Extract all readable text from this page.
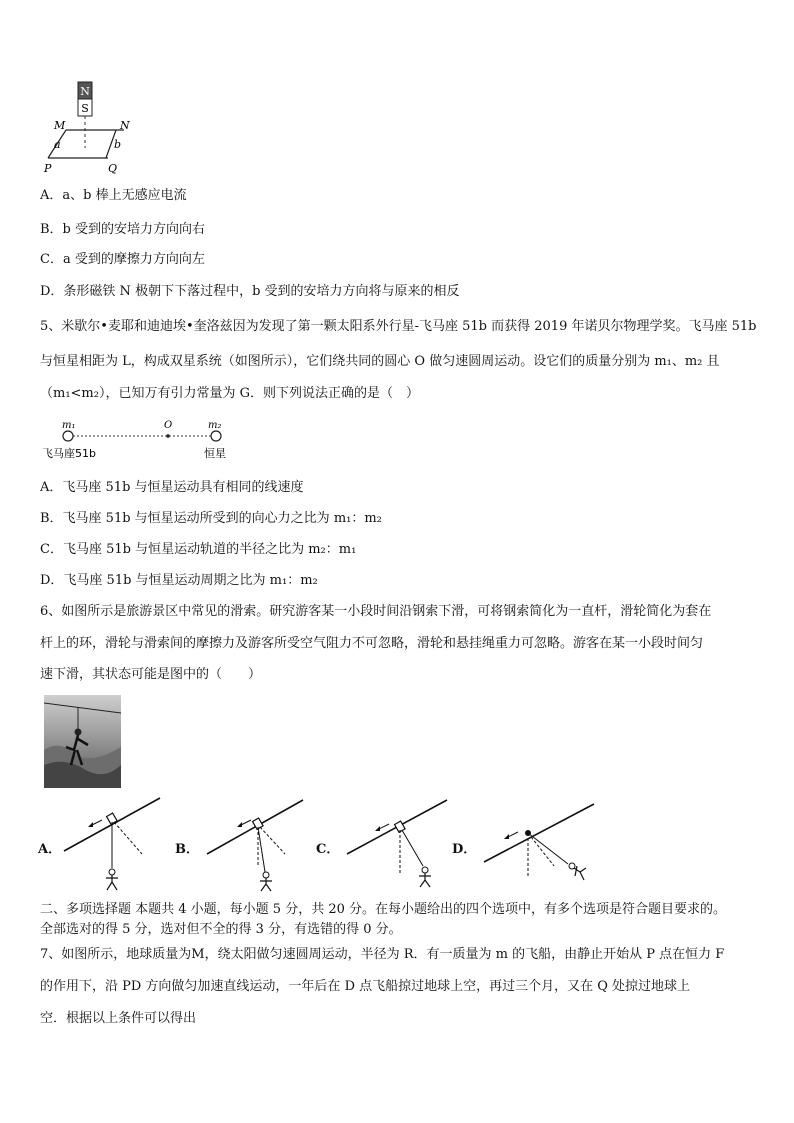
N
S
M	N
P	Q
a	b
A．a、b 棒上无感应电流
B．b 受到的安培力方向向右
C．a 受到的摩擦力方向向左
D．条形磁铁 N 极朝下下落过程中，b 受到的安培力方向将与原来的相反
5、米歇尔•麦耶和迪迪埃•奎洛兹因为发现了第一颗太阳系外行星-飞马座 51b 而获得 2019 年诺贝尔物理学奖。飞马座 51b
与恒星相距为 L，构成双星系统（如图所示），它们绕共同的圆心 O 做匀速圆周运动。设它们的质量分别为 m₁、m₂ 且
（m₁<m₂），已知万有引力常量为 G．则下列说法正确的是（　）
m₁	O	m₂
飞马座51b	恒星
A．飞马座 51b 与恒星运动具有相同的线速度
B．飞马座 51b 与恒星运动所受到的向心力之比为 m₁：m₂
C．飞马座 51b 与恒星运动轨道的半径之比为 m₂：m₁
D．飞马座 51b 与恒星运动周期之比为 m₁：m₂
6、如图所示是旅游景区中常见的滑索。研究游客某一小段时间沿钢索下滑，可将钢索简化为一直杆，滑轮简化为套在
杆上的环，滑轮与滑索间的摩擦力及游客所受空气阻力不可忽略，滑轮和悬挂绳重力可忽略。游客在某一小段时间匀
速下滑，其状态可能是图中的（　　）
A．	B．	C．	D．
二、多项选择题 本题共 4 小题，每小题 5 分，共 20 分。在每小题给出的四个选项中，有多个选项是符合题目要求的。
全部选对的得 5 分，选对但不全的得 3 分，有选错的得 0 分。
7、如图所示，地球质量为M，绕太阳做匀速圆周运动，半径为 R．有一质量为 m 的飞船，由静止开始从 P 点在恒力 F
的作用下，沿 PD 方向做匀加速直线运动，一年后在 D 点飞船掠过地球上空，再过三个月，又在 Q 处掠过地球上
空．根据以上条件可以得出
